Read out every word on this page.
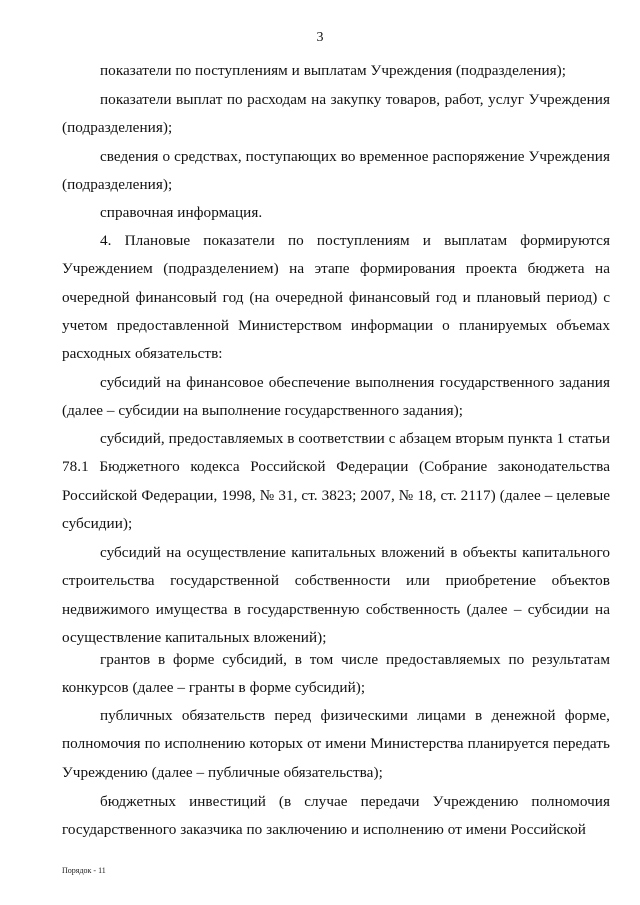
3
показатели по поступлениям и выплатам Учреждения (подразделения);
показатели выплат по расходам на закупку товаров, работ, услуг Учреждения (подразделения);
сведения о средствах, поступающих во временное распоряжение Учреждения (подразделения);
справочная информация.
4. Плановые показатели по поступлениям и выплатам формируются Учреждением (подразделением) на этапе формирования проекта бюджета на очередной финансовый год (на очередной финансовый год и плановый период) с учетом предоставленной Министерством информации о планируемых объемах расходных обязательств:
субсидий на финансовое обеспечение выполнения государственного задания (далее – субсидии на выполнение государственного задания);
субсидий, предоставляемых в соответствии с абзацем вторым пункта 1 статьи 78.1 Бюджетного кодекса Российской Федерации (Собрание законодательства Российской Федерации, 1998, № 31, ст. 3823; 2007, № 18, ст. 2117) (далее – целевые субсидии);
субсидий на осуществление капитальных вложений в объекты капитального строительства государственной собственности или приобретение объектов недвижимого имущества в государственную собственность (далее – субсидии на осуществление капитальных вложений);
грантов в форме субсидий, в том числе предоставляемых по результатам конкурсов (далее – гранты в форме субсидий);
публичных обязательств перед физическими лицами в денежной форме, полномочия по исполнению которых от имени Министерства планируется передать Учреждению (далее – публичные обязательства);
бюджетных инвестиций (в случае передачи Учреждению полномочия государственного заказчика по заключению и исполнению от имени Российской
Порядок - 11
